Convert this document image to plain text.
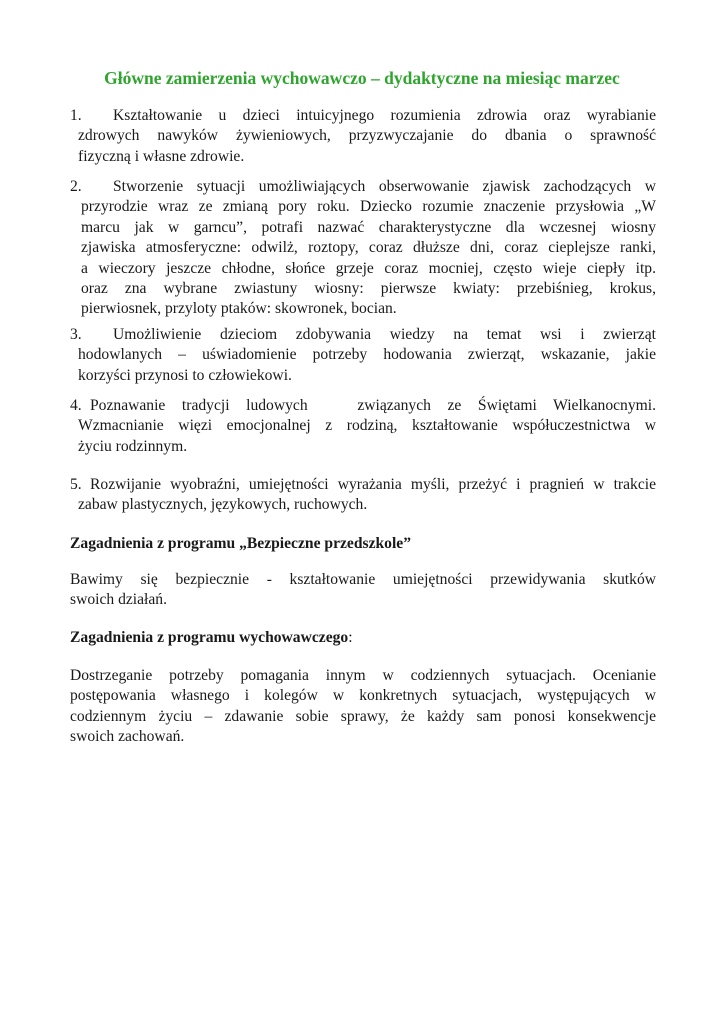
Główne zamierzenia wychowawczo – dydaktyczne na miesiąc marzec
1. Kształtowanie u dzieci intuicyjnego rozumienia zdrowia oraz wyrabianie
zdrowych nawyków żywieniowych, przyzwyczajanie do dbania o sprawność
fizyczną i własne zdrowie.
2. Stworzenie sytuacji umożliwiających obserwowanie zjawisk zachodzących w
przyrodzie wraz ze zmianą pory roku. Dziecko rozumie znaczenie przysłowia „W
marcu jak w garncu”, potrafi nazwać charakterystyczne dla wczesnej wiosny
zjawiska atmosferyczne: odwilż, roztopy, coraz dłuższe dni, coraz cieplejsze ranki,
a wieczory jeszcze chłodne, słońce grzeje coraz mocniej, często wieje ciepły itp.
oraz zna wybrane zwiastuny wiosny: pierwsze kwiaty: przebiśnieg, krokus,
pierwiosnek, przyloty ptaków: skowronek, bocian.
3. Umożliwienie dzieciom zdobywania wiedzy na temat wsi i zwierząt
hodowlanych – uświadomienie potrzeby hodowania zwierząt, wskazanie, jakie
korzyści przynosi to człowiekowi.
4. Poznawanie tradycji ludowych   związanych ze Świętami Wielkanocnymi.
Wzmacnianie więzi emocjonalnej z rodziną, kształtowanie współuczestnictwa w
życiu rodzinnym.
5. Rozwijanie wyobraźni, umiejętności wyrażania myśli, przeżyć i pragnień w trakcie
zabaw plastycznych, językowych, ruchowych.
Zagadnienia z programu „Bezpieczne przedszkole”
Bawimy się bezpiecznie - kształtowanie umiejętności przewidywania skutków
swoich działań.
Zagadnienia z programu wychowawczego:
Dostrzeganie potrzeby pomagania innym w codziennych sytuacjach. Ocenianie
postępowania własnego i kolegów w konkretnych sytuacjach, występujących w
codziennym życiu – zdawanie sobie sprawy, że każdy sam ponosi konsekwencje
swoich zachowań.
